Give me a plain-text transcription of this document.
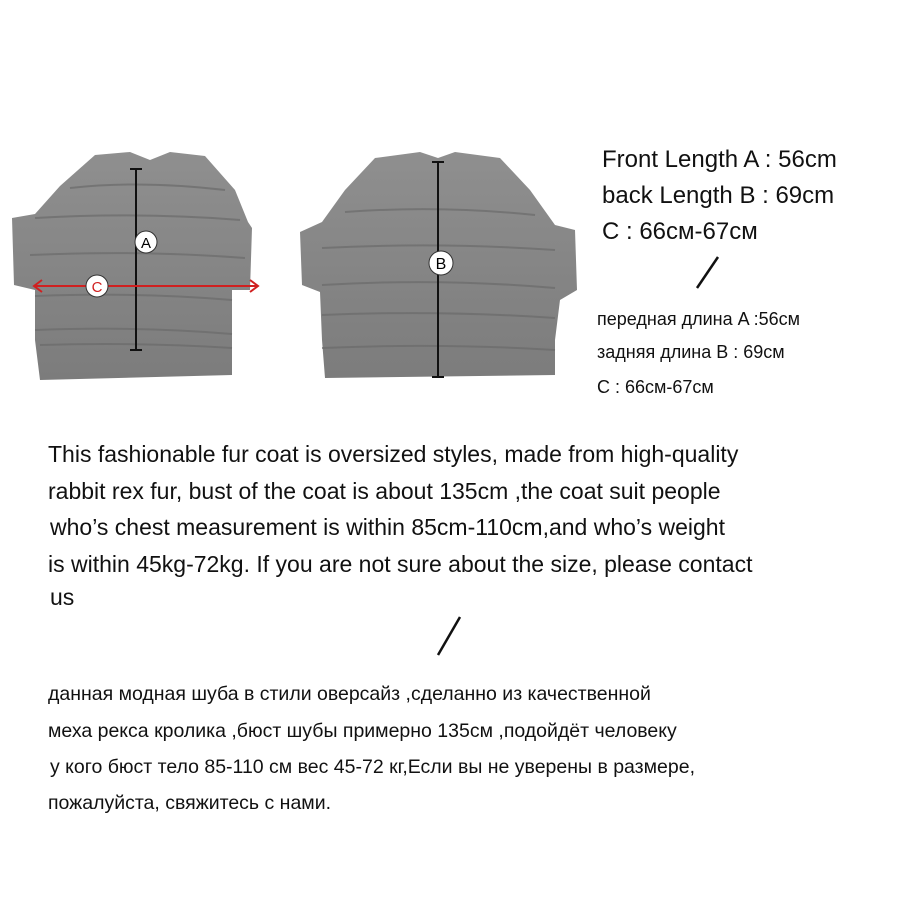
A
C
B
Front Length A : 56cm
back Length B : 69cm
C : 66см-67см
передная длина A :56см
задняя длина B : 69см
C : 66см-67см
This fashionable fur coat is oversized styles, made from high-quality
rabbit rex fur, bust of the coat is about 135cm ,the coat suit people
who’s chest measurement is within 85cm-110cm,and who’s weight
is within 45kg-72kg. If you are not sure about the size, please contact
us
данная модная шуба в стили оверсайз ,сделанно из качественной
меха рекса кролика ,бюст шубы примерно 135см ,подойдёт человеку
у кого бюст тело 85-110 см вес 45-72 кг,Если вы не уверены в размере,
пожалуйста, свяжитесь с нами.
